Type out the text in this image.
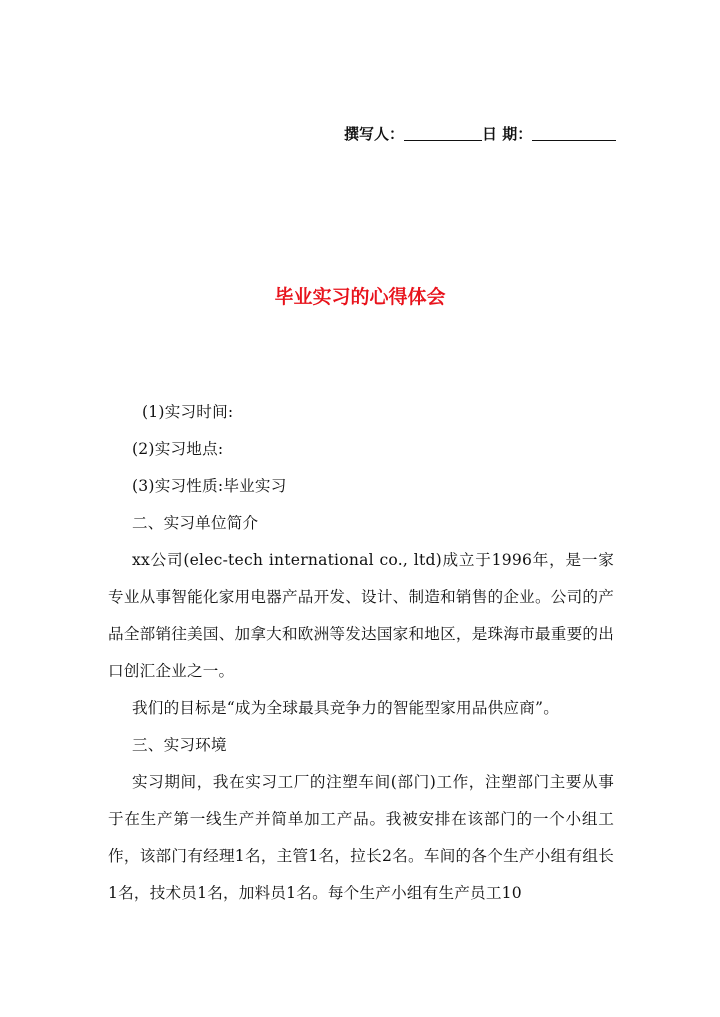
撰写人：	日 期：
毕业实习的心得体会

(1)实习时间:

(2)实习地点:

(3)实习性质:毕业实习

二、实习单位简介

xx公司(elec-tech international co., ltd)成立于1996年，是一家专业从事智能化家用电器产品开发、设计、制造和销售的企业。公司的产品全部销往美国、加拿大和欧洲等发达国家和地区，是珠海市最重要的出口创汇企业之一。

我们的目标是“成为全球最具竞争力的智能型家用品供应商”。

三、实习环境

实习期间，我在实习工厂的注塑车间(部门)工作，注塑部门主要从事于在生产第一线生产并简单加工产品。我被安排在该部门的一个小组工作，该部门有经理1名，主管1名，拉长2名。车间的各个生产小组有组长1名，技术员1名，加料员1名。每个生产小组有生产员工10
